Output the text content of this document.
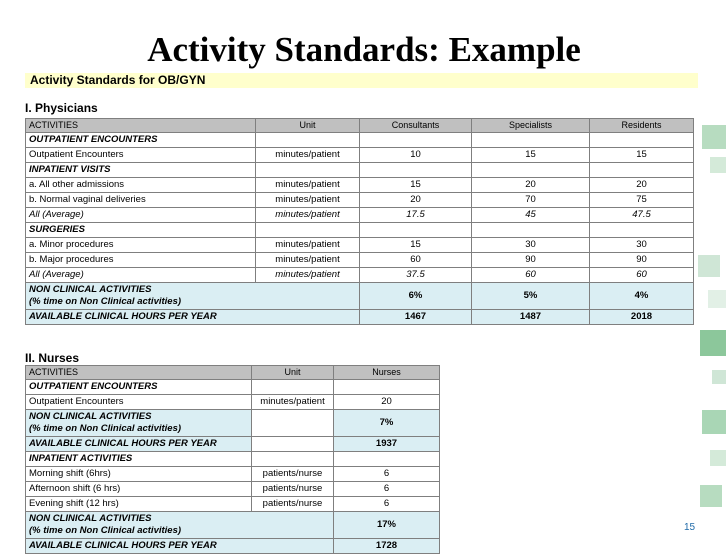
Activity Standards: Example
Activity Standards for OB/GYN
I. Physicians
ACTIVITIES	Unit	Consultants	Specialists	Residents
OUTPATIENT ENCOUNTERS				
Outpatient Encounters	minutes/patient	10	15	15
INPATIENT VISITS				
a. All other admissions	minutes/patient	15	20	20
b. Normal vaginal deliveries	minutes/patient	20	70	75
All (Average)	minutes/patient	17.5	45	47.5
SURGERIES				
a. Minor procedures	minutes/patient	15	30	30
b. Major procedures	minutes/patient	60	90	90
All (Average)	minutes/patient	37.5	60	60

NON CLINICAL ACTIVITIES
(% time on Non Clinical activities)		6%	5%	4%
AVAILABLE CLINICAL HOURS PER YEAR		1467	1487	2018
II. Nurses
ACTIVITIES	Unit	Nurses
OUTPATIENT ENCOUNTERS		
Outpatient Encounters	minutes/patient	20

NON CLINICAL ACTIVITIES
(% time on Non Clinical activities)		7%
AVAILABLE CLINICAL HOURS PER YEAR		1937
INPATIENT ACTIVITIES		
Morning shift (6hrs)	patients/nurse	6
Afternoon shift (6 hrs)	patients/nurse	6
Evening shift (12 hrs)	patients/nurse	6

NON CLINICAL ACTIVITIES
(% time on Non Clinical activities)		17%
AVAILABLE CLINICAL HOURS PER YEAR		1728
15
